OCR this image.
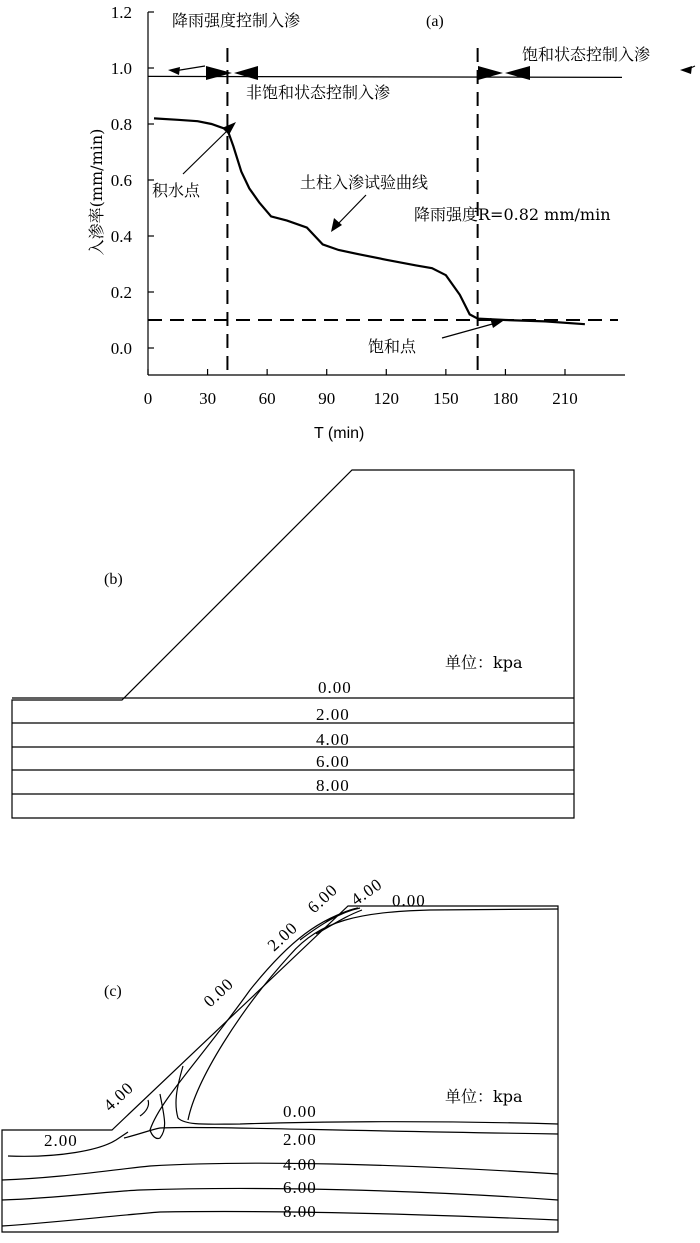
0	30	60	90 120 150 180 210
0.0
0.2
0.4
0.6
0.8
1.0
1.2	(a)
T (min)
入渗率(mm/min)
降雨强度控制入渗
非饱和状态控制入渗
饱和状态控制入渗
积水点	土柱入渗试验曲线
降雨强度R=0.82 mm/min
饱和点
(b)
单位：kpa
0.00
2.00
4.00
6.00
8.00
(c)
单位：kpa
0.00
2.00
4.00
6.00
8.00
2.00
0.00
4.00
0.00
2.00
6.00 4.00
